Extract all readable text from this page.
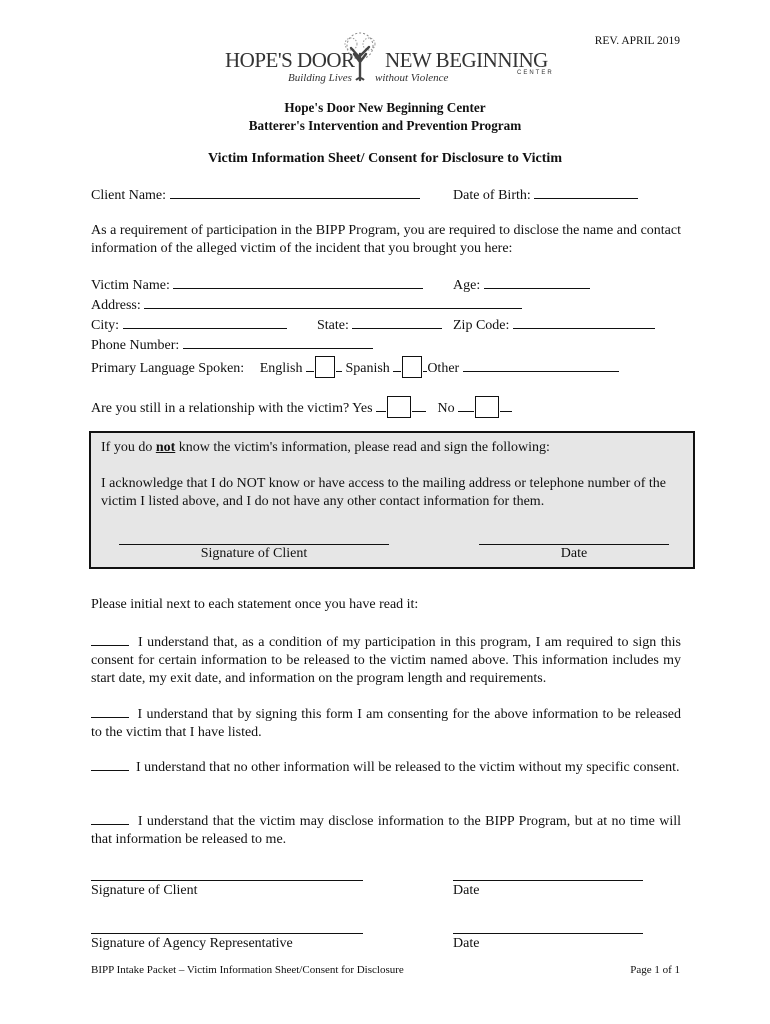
REV. APRIL 2019
HOPE'S DOOR NEW BEGINNING
CENTER
Building Lives without Violence
Hope's Door New Beginning Center
Batterer's Intervention and Prevention Program
Victim Information Sheet/ Consent for Disclosure to Victim
Client Name:	Date of Birth:
As a requirement of participation in the BIPP Program, you are required to disclose the name and contact information of the alleged victim of the incident that you brought you here:
Victim Name:	Age:
Address:
City:	State:	Zip Code:
Phone Number:
Primary Language Spoken: English	Spanish	Other
Are you still in a relationship with the victim? Yes	No
If you do not know the victim's information, please read and sign the following:
I acknowledge that I do NOT know or have access to the mailing address or telephone number of the victim I listed above, and I do not have any other contact information for them.
Signature of Client	Date
Please initial next to each statement once you have read it:
I understand that, as a condition of my participation in this program, I am required to sign this consent for certain information to be released to the victim named above. This information includes my start date, my exit date, and information on the program length and requirements.
I understand that by signing this form I am consenting for the above information to be released to the victim that I have listed.
I understand that no other information will be released to the victim without my specific consent.
I understand that the victim may disclose information to the BIPP Program, but at no time will that information be released to me.
Signature of Client	Date
Signature of Agency Representative	Date
BIPP Intake Packet – Victim Information Sheet/Consent for Disclosure	Page 1 of 1
